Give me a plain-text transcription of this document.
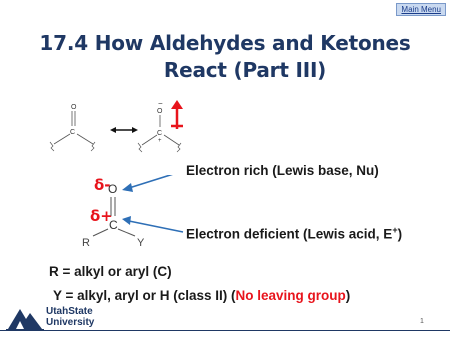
Main Menu
17.4 How Aldehydes and Ketones
React (Part III)
O
C
−
O
C
+
δ-
δ+
O
C
R	Y
Electron rich (Lewis base, Nu)
Electron deficient (Lewis acid, E+)
R = alkyl or aryl (C)
Y = alkyl, aryl or H (class II) (No leaving group)
UtahState
University	1
